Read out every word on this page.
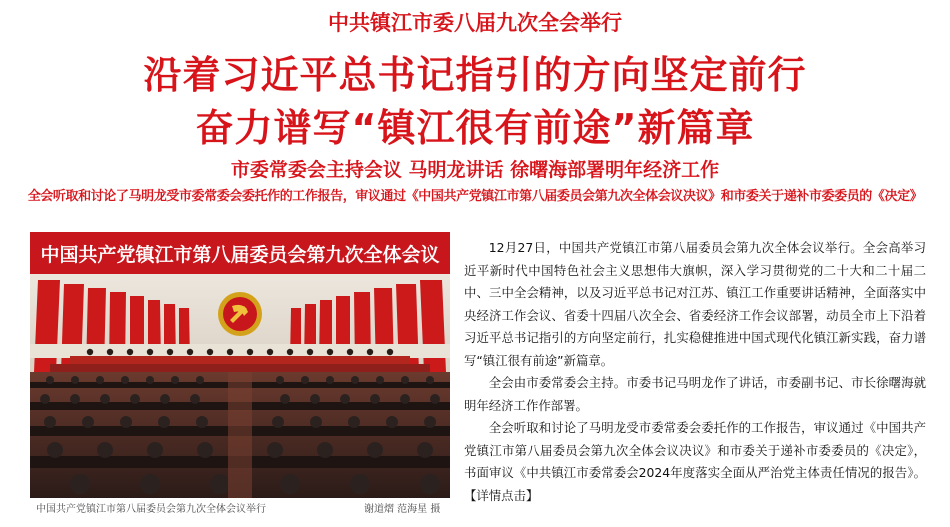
中共镇江市委八届九次全会举行
沿着习近平总书记指引的方向坚定前行
奋力谱写“镇江很有前途”新篇章
市委常委会主持会议 马明龙讲话 徐曙海部署明年经济工作
全会听取和讨论了马明龙受市委常委会委托作的工作报告，审议通过《中国共产党镇江市第八届委员会第九次全体会议决议》和市委关于递补市委委员的《决定》
中国共产党镇江市第八届委员会第九次全体会议
中国共产党镇江市第八届委员会第九次全体会议举行	谢道熠 范海星 摄

12月27日，中国共产党镇江市第八届委员会第九次全体会议举行。全会高举习近平新时代中国特色社会主义思想伟大旗帜，深入学习贯彻党的二十大和二十届二中、三中全会精神，以及习近平总书记对江苏、镇江工作重要讲话精神，全面落实中央经济工作会议、省委十四届八次全会、省委经济工作会议部署，动员全市上下沿着习近平总书记指引的方向坚定前行，扎实稳健推进中国式现代化镇江新实践，奋力谱写“镇江很有前途”新篇章。

全会由市委常委会主持。市委书记马明龙作了讲话，市委副书记、市长徐曙海就明年经济工作作部署。

全会听取和讨论了马明龙受市委常委会委托作的工作报告，审议通过《中国共产党镇江市第八届委员会第九次全体会议决议》和市委关于递补市委委员的《决定》，书面审议《中共镇江市委常委会2024年度落实全面从严治党主体责任情况的报告》。【详情点击】
